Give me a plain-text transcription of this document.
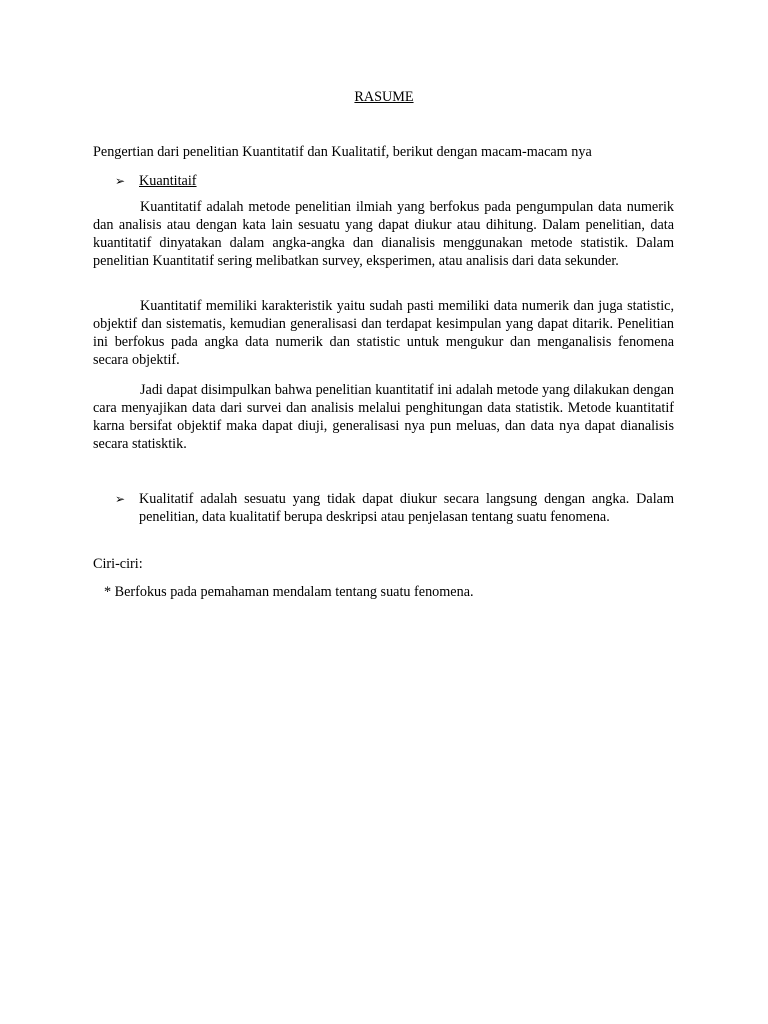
RASUME
Pengertian dari penelitian Kuantitatif dan Kualitatif, berikut dengan macam-macam nya
➢ Kuantitaif

Kuantitatif adalah metode penelitian ilmiah yang berfokus pada pengumpulan data numerik dan analisis atau dengan kata lain sesuatu yang dapat diukur atau dihitung. Dalam penelitian, data kuantitatif dinyatakan dalam angka-angka dan dianalisis menggunakan metode statistik. Dalam penelitian Kuantitatif sering melibatkan survey, eksperimen, atau analisis dari data sekunder.

Kuantitatif memiliki karakteristik yaitu sudah pasti memiliki data numerik dan juga statistic, objektif dan sistematis, kemudian generalisasi dan terdapat kesimpulan yang dapat ditarik. Penelitian ini berfokus pada angka data numerik dan statistic untuk mengukur dan menganalisis fenomena secara objektif.

Jadi dapat disimpulkan bahwa penelitian kuantitatif ini adalah metode yang dilakukan dengan cara menyajikan data dari survei dan analisis melalui penghitungan data statistik. Metode kuantitatif karna bersifat objektif maka dapat diuji, generalisasi nya pun meluas, dan data nya dapat dianalisis secara statisktik.

➢ Kualitatif adalah sesuatu yang tidak dapat diukur secara langsung dengan angka. Dalam penelitian, data kualitatif berupa deskripsi atau penjelasan tentang suatu fenomena.
Ciri-ciri:
* Berfokus pada pemahaman mendalam tentang suatu fenomena.
